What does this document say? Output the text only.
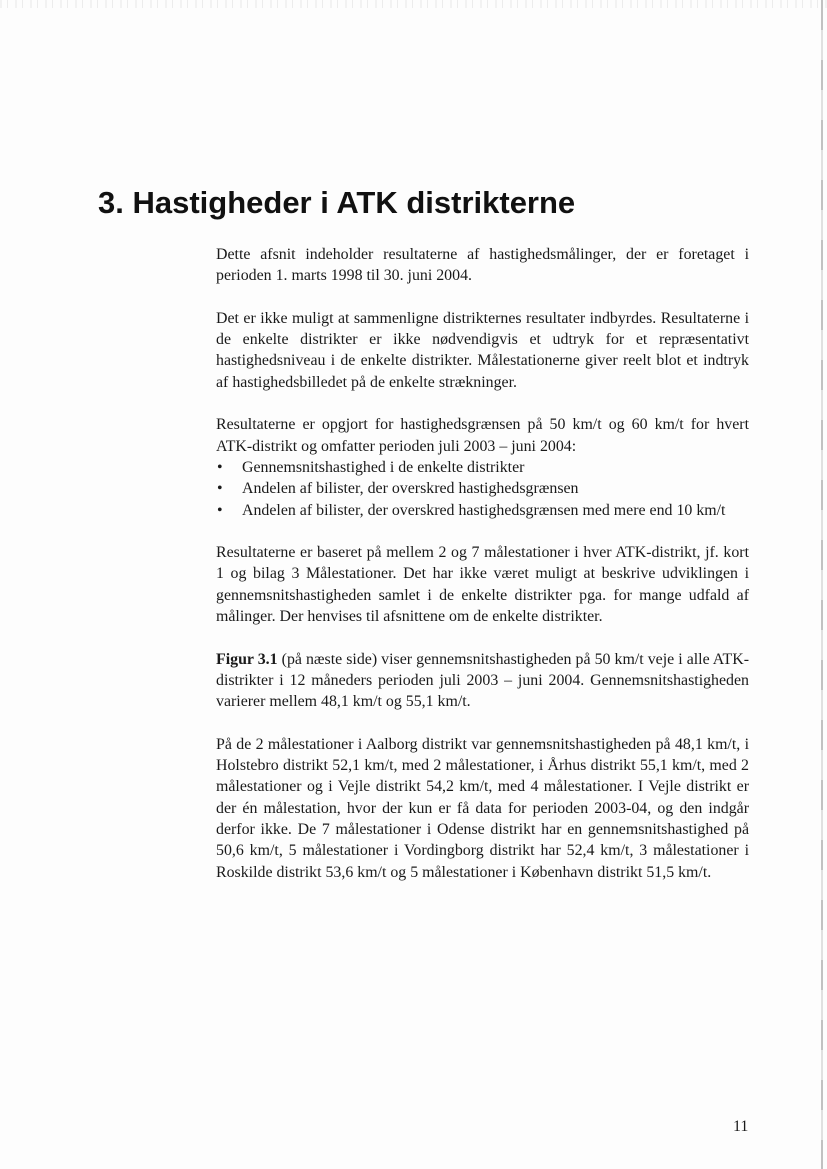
3. Hastigheder i ATK distrikterne

Dette afsnit indeholder resultaterne af hastighedsmålinger, der er foretaget i perioden 1. marts 1998 til 30. juni 2004.

Det er ikke muligt at sammenligne distrikternes resultater indbyrdes. Resultaterne i de enkelte distrikter er ikke nødvendigvis et udtryk for et repræsentativt hastighedsniveau i de enkelte distrikter. Målestationerne giver reelt blot et indtryk af hastighedsbilledet på de enkelte strækninger.

Resultaterne er opgjort for hastighedsgrænsen på 50 km/t og 60 km/t for hvert ATK-distrikt og omfatter perioden juli 2003 – juni 2004:

• Gennemsnitshastighed i de enkelte distrikter
• Andelen af bilister, der overskred hastighedsgrænsen
• Andelen af bilister, der overskred hastighedsgrænsen med mere end 10 km/t

Resultaterne er baseret på mellem 2 og 7 målestationer i hver ATK-distrikt, jf. kort 1 og bilag 3 Målestationer. Det har ikke været muligt at beskrive udviklingen i gennemsnitshastigheden samlet i de enkelte distrikter pga. for mange udfald af målinger. Der henvises til afsnittene om de enkelte distrikter.

Figur 3.1 (på næste side) viser gennemsnitshastigheden på 50 km/t veje i alle ATK-distrikter i 12 måneders perioden juli 2003 – juni 2004. Gennemsnitshastigheden varierer mellem 48,1 km/t og 55,1 km/t.

På de 2 målestationer i Aalborg distrikt var gennemsnitshastigheden på 48,1 km/t, i Holstebro distrikt 52,1 km/t, med 2 målestationer, i Århus distrikt 55,1 km/t, med 2 målestationer og i Vejle distrikt 54,2 km/t, med 4 målestationer. I Vejle distrikt er der én målestation, hvor der kun er få data for perioden 2003-04, og den indgår derfor ikke. De 7 målestationer i Odense distrikt har en gennemsnitshastighed på 50,6 km/t, 5 målestationer i Vordingborg distrikt har 52,4 km/t, 3 målestationer i Roskilde distrikt 53,6 km/t og 5 målestationer i København distrikt 51,5 km/t.

11
